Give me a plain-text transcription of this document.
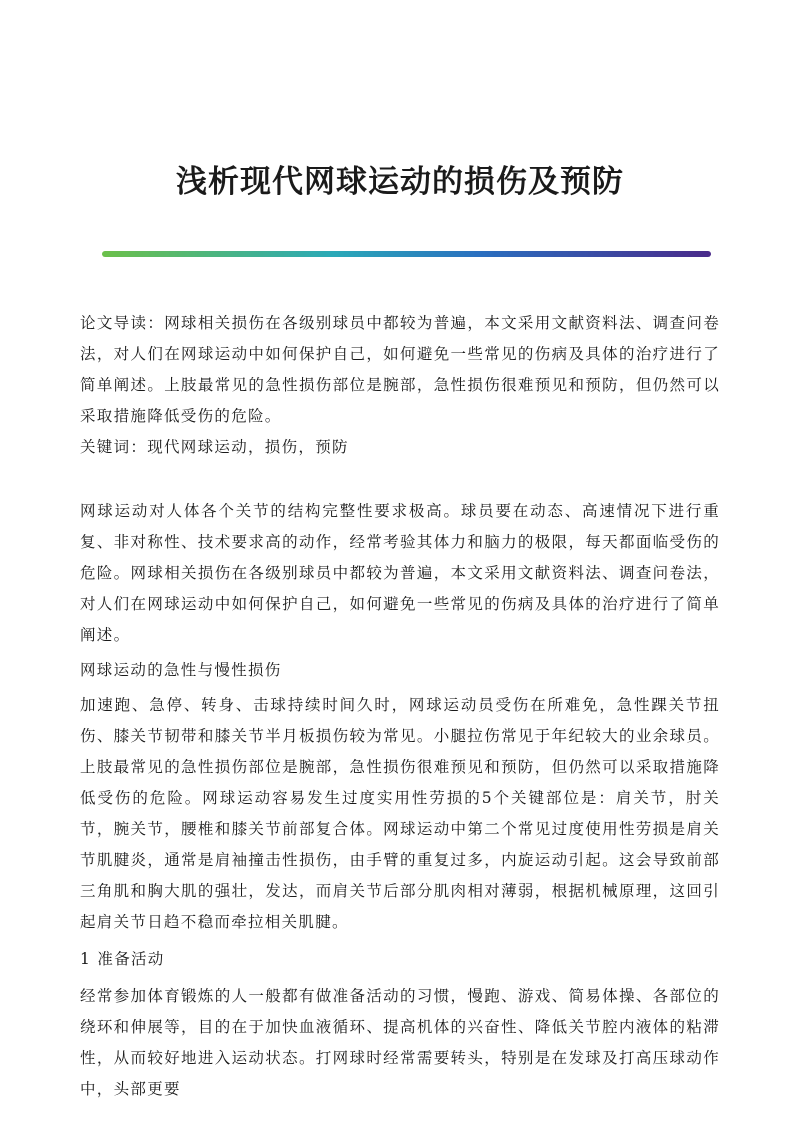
浅析现代网球运动的损伤及预防

论文导读：网球相关损伤在各级别球员中都较为普遍，本文采用文献资料法、调查问卷法，对人们在网球运动中如何保护自己，如何避免一些常见的伤病及具体的治疗进行了简单阐述。上肢最常见的急性损伤部位是腕部，急性损伤很难预见和预防，但仍然可以采取措施降低受伤的危险。

关键词：现代网球运动，损伤，预防

网球运动对人体各个关节的结构完整性要求极高。球员要在动态、高速情况下进行重复、非对称性、技术要求高的动作，经常考验其体力和脑力的极限，每天都面临受伤的危险。网球相关损伤在各级别球员中都较为普遍，本文采用文献资料法、调查问卷法，对人们在网球运动中如何保护自己，如何避免一些常见的伤病及具体的治疗进行了简单阐述。

网球运动的急性与慢性损伤

加速跑、急停、转身、击球持续时间久时，网球运动员受伤在所难免，急性踝关节扭伤、膝关节韧带和膝关节半月板损伤较为常见。小腿拉伤常见于年纪较大的业余球员。上肢最常见的急性损伤部位是腕部，急性损伤很难预见和预防，但仍然可以采取措施降低受伤的危险。网球运动容易发生过度实用性劳损的5个关键部位是：肩关节，肘关节，腕关节，腰椎和膝关节前部复合体。网球运动中第二个常见过度使用性劳损是肩关节肌腱炎，通常是肩袖撞击性损伤，由手臂的重复过多，内旋运动引起。这会导致前部三角肌和胸大肌的强壮，发达，而肩关节后部分肌肉相对薄弱，根据机械原理，这回引起肩关节日趋不稳而牵拉相关肌腱。

1 准备活动

经常参加体育锻炼的人一般都有做准备活动的习惯，慢跑、游戏、简易体操、各部位的绕环和伸展等，目的在于加快血液循环、提高机体的兴奋性、降低关节腔内液体的粘滞性，从而较好地进入运动状态。打网球时经常需要转头，特别是在发球及打高压球动作中，头部更要
